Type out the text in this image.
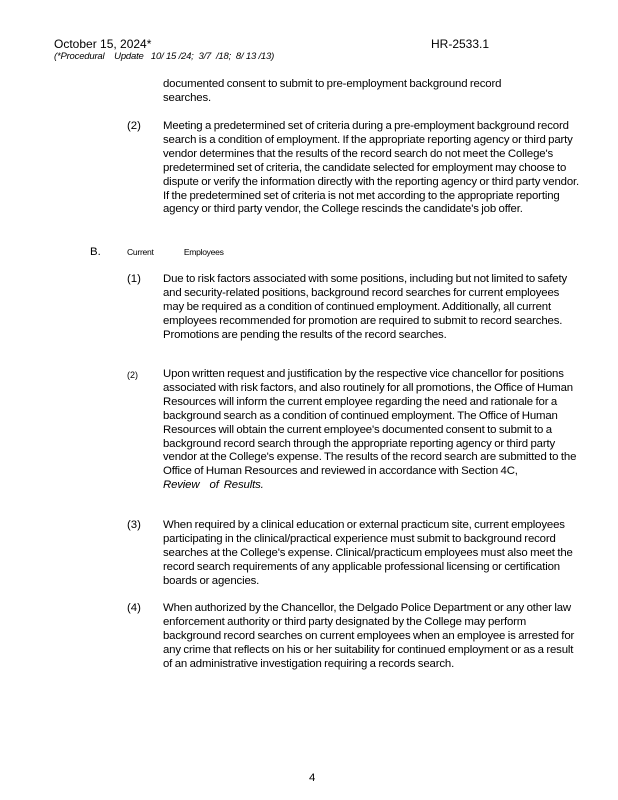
October 15, 2024*	HR-2533.1
(*Procedural    Update   10/ 15 /24;  3/7  /18;  8/ 13 /13)
documented consent to submit to pre-employment background record searches.
(2) Meeting a predetermined set of criteria during a pre-employment background record search is a condition of employment. If the appropriate reporting agency or third party vendor determines that the results of the record search do not meet the College's predetermined set of criteria, the candidate selected for employment may choose to dispute or verify the information directly with the reporting agency or third party vendor. If the predetermined set of criteria is not met according to the appropriate reporting agency or third party vendor, the College rescinds the candidate's job offer.
B.	Current   Employees
(1) Due to risk factors associated with some positions, including but not limited to safety and security-related positions, background record searches for current employees may be required as a condition of continued employment. Additionally, all current employees recommended for promotion are required to submit to record searches. Promotions are pending the results of the record searches.
(2) Upon written request and justification by the respective vice chancellor for positions associated with risk factors, and also routinely for all promotions, the Office of Human Resources will inform the current employee regarding the need and rationale for a background search as a condition of continued employment. The Office of Human Resources will obtain the current employee's documented consent to submit to a background record search through the appropriate reporting agency or third party vendor at the College's expense. The results of the record search are submitted to the Office of Human Resources and reviewed in accordance with Section 4C, Review    of  Results.
(3) When required by a clinical education or external practicum site, current employees participating in the clinical/practical experience must submit to background record searches at the College's expense. Clinical/practicum employees must also meet the record search requirements of any applicable professional licensing or certification boards or agencies.
(4) When authorized by the Chancellor, the Delgado Police Department or any other law enforcement authority or third party designated by the College may perform background record searches on current employees when an employee is arrested for any crime that reflects on his or her suitability for continued employment or as a result of an administrative investigation requiring a records search.
4
